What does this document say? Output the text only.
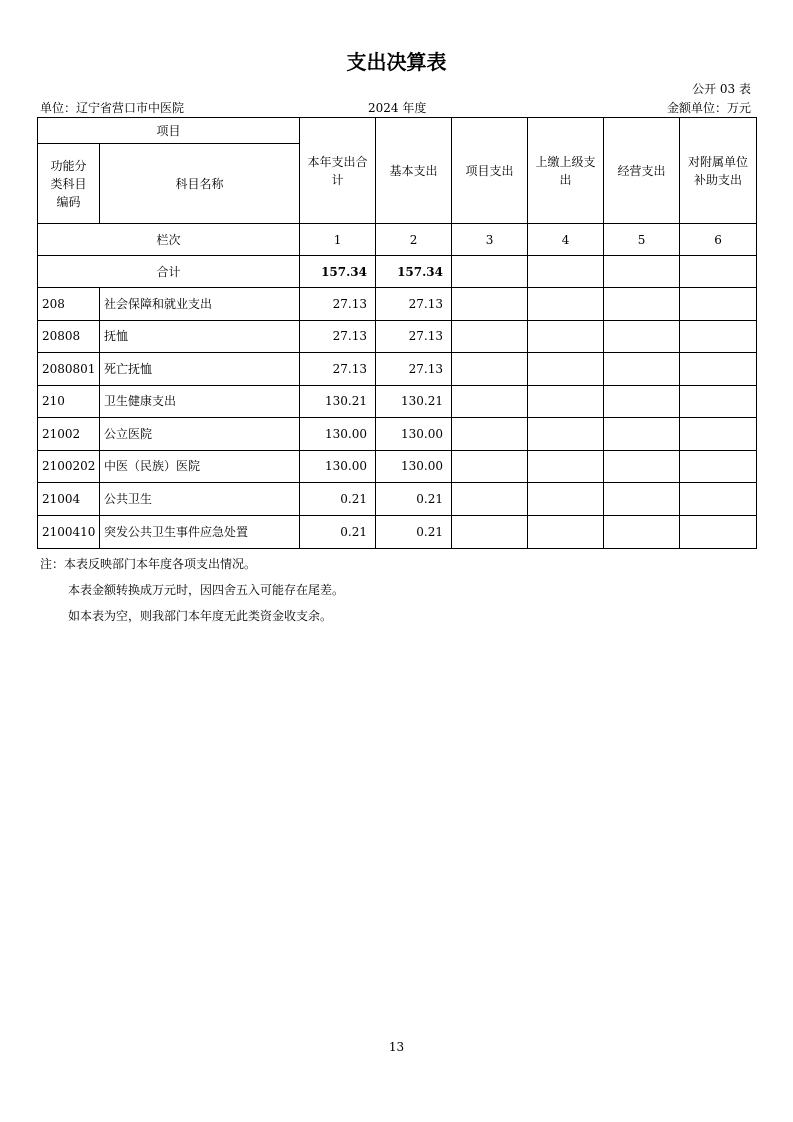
支出决算表
公开 03 表
单位：辽宁省营口市中医院	2024 年度	金额单位：万元
项目		本年支出合计	基本支出	项目支出	上缴上级支出	经营支出	对附属单位补助支出
功能分类科目编码	科目名称						
栏次		1	2	3	4	5	6
合计		157.34	157.34				
208	社会保障和就业支出	27.13	27.13				
20808	抚恤	27.13	27.13				
2080801	死亡抚恤	27.13	27.13				
210	卫生健康支出	130.21	130.21				
21002	公立医院	130.00	130.00				
2100202	中医（民族）医院	130.00	130.00				
21004	公共卫生	0.21	0.21				
2100410	突发公共卫生事件应急处置	0.21	0.21				
注：本表反映部门本年度各项支出情况。
本表金额转换成万元时，因四舍五入可能存在尾差。
如本表为空，则我部门本年度无此类资金收支余。
13
